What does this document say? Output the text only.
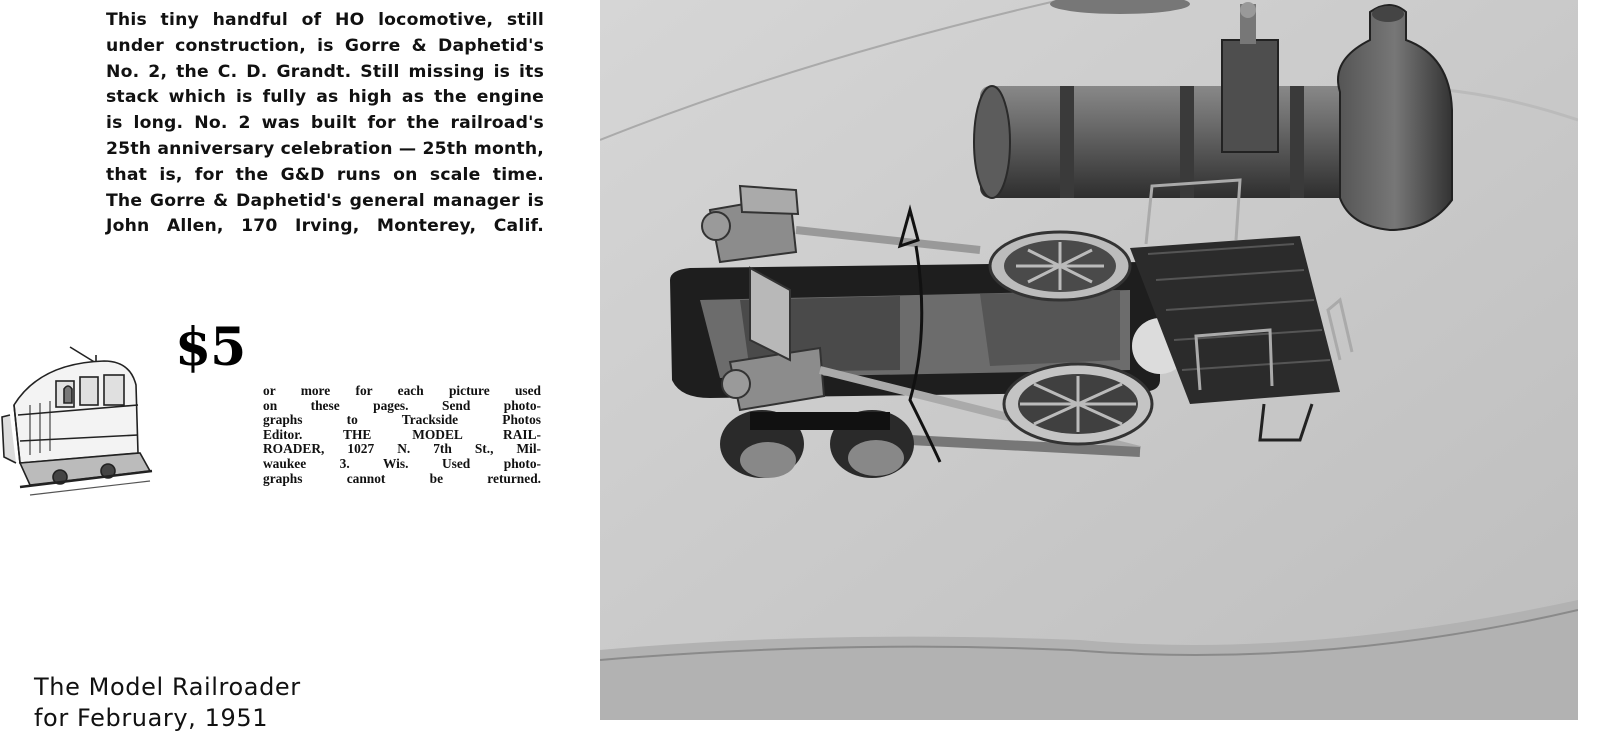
This tiny handful of HO locomotive, still
under construction, is Gorre & Daphetid's
No. 2, the C. D. Grandt. Still missing is its
stack which is fully as high as the engine
is long. No. 2 was built for the railroad's
25th anniversary celebration — 25th month,
that is, for the G&D runs on scale time.
The Gorre & Daphetid's general manager is
John Allen, 170 Irving, Monterey, Calif.
$5
or more for each picture used
on these pages. Send photo-
graphs to Trackside Photos
Editor. THE MODEL RAIL-
ROADER, 1027 N. 7th St., Mil-
waukee 3. Wis. Used photo-
graphs cannot be returned.
The Model Railroader
for February, 1951
